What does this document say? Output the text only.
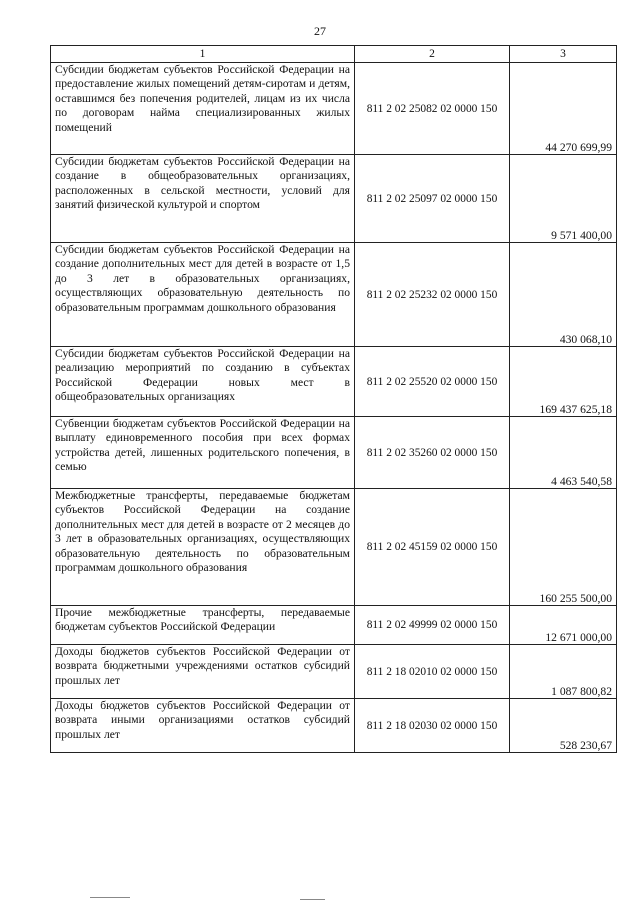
27
1	2	3
Субсидии бюджетам субъектов Российской Федерации на предоставление жилых помещений детям-сиротам и детям, оставшимся без попечения родителей, лицам из их числа по договорам найма специализированных жилых помещений	811 2 02 25082 02 0000 150	44 270 699,99
Субсидии бюджетам субъектов Российской Федерации на создание в общеобразовательных организациях, расположенных в сельской местности, условий для занятий физической культурой и спортом	811 2 02 25097 02 0000 150	9 571 400,00
Субсидии бюджетам субъектов Российской Федерации на создание дополнительных мест для детей в возрасте от 1,5 до 3 лет в образовательных организациях, осуществляющих образовательную деятельность по образовательным программам дошкольного образования	811 2 02 25232 02 0000 150	430 068,10
Субсидии бюджетам субъектов Российской Федерации на реализацию мероприятий по созданию в субъектах Российской Федерации новых мест в общеобразовательных организациях	811 2 02 25520 02 0000 150	169 437 625,18
Субвенции бюджетам субъектов Российской Федерации на выплату единовременного пособия при всех формах устройства детей, лишенных родительского попечения, в семью	811 2 02 35260 02 0000 150	4 463 540,58
Межбюджетные трансферты, передаваемые бюджетам субъектов Российской Федерации на создание дополнительных мест для детей в возрасте от 2 месяцев до 3 лет в образовательных организациях, осуществляющих образовательную деятельность по образовательным программам дошкольного образования	811 2 02 45159 02 0000 150	160 255 500,00
Прочие межбюджетные трансферты, передаваемые бюджетам субъектов Российской Федерации	811 2 02 49999 02 0000 150	12 671 000,00
Доходы бюджетов субъектов Российской Федерации от возврата бюджетными учреждениями остатков субсидий прошлых лет	811 2 18 02010 02 0000 150	1 087 800,82
Доходы бюджетов субъектов Российской Федерации от возврата иными организациями остатков субсидий прошлых лет	811 2 18 02030 02 0000 150	528 230,67
